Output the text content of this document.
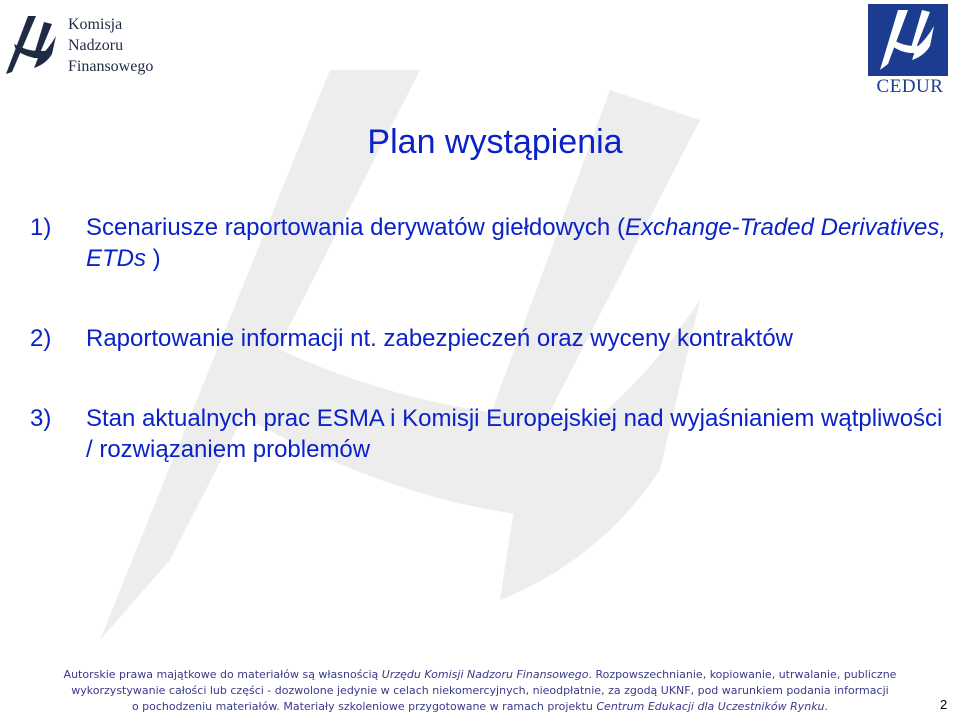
Komisja
Nadzoru
Finansowego
CEDUR
Plan wystąpienia
1)	Scenariusze raportowania derywatów giełdowych (Exchange-Traded Derivatives, ETDs )
2)	Raportowanie informacji nt. zabezpieczeń oraz wyceny kontraktów
3)	Stan aktualnych prac ESMA i Komisji Europejskiej nad wyjaśnianiem wątpliwości / rozwiązaniem problemów
Autorskie prawa majątkowe do materiałów są własnością Urzędu Komisji Nadzoru Finansowego. Rozpowszechnianie, kopiowanie, utrwalanie, publiczne
wykorzystywanie całości lub części - dozwolone jedynie w celach niekomercyjnych, nieodpłatnie, za zgodą UKNF, pod warunkiem podania informacji
o pochodzeniu materiałów. Materiały szkoleniowe przygotowane w ramach projektu Centrum Edukacji dla Uczestników Rynku.	2
